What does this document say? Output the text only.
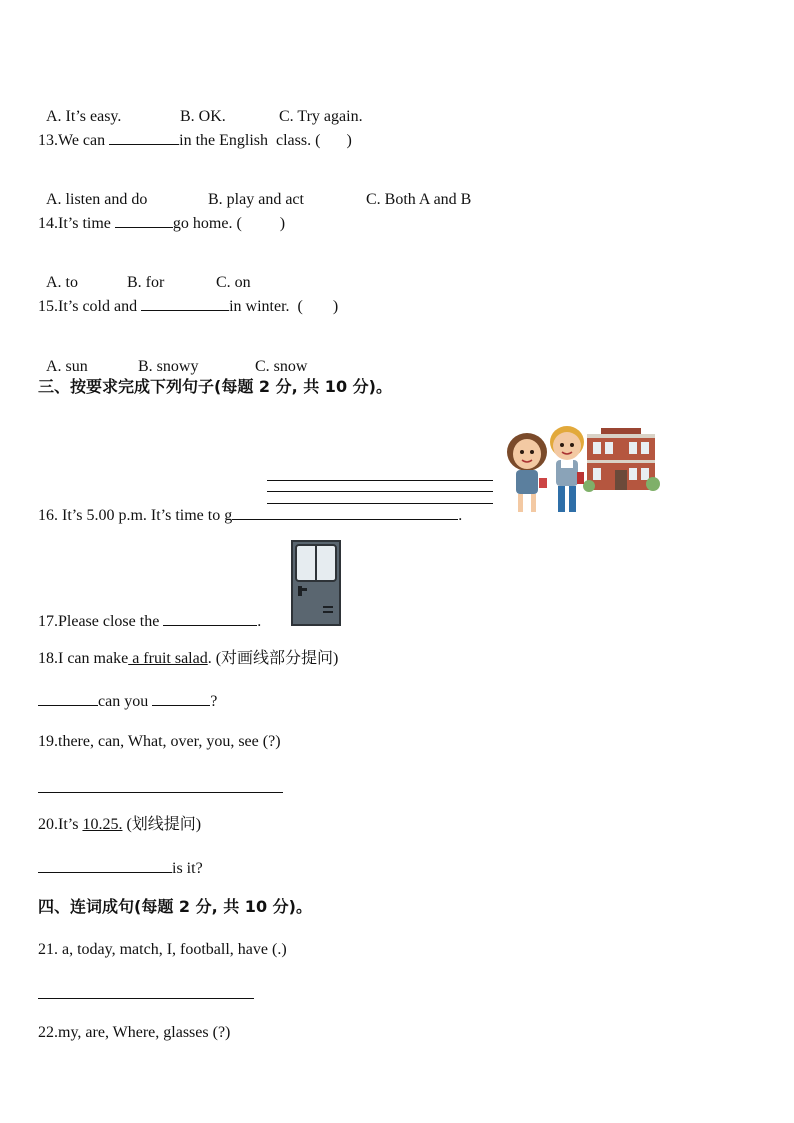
A. It’s easy.	B. OK.	C. Try again.

13.We can	in the English  class. ( )

A. listen and do	B. play and act	C. Both A and B

14.It’s time	go home. ( )

A. to	B. for	C. on

15.It’s cold and	in winter.  ( )

A. sun	B. snowy	C. snow

三、按要求完成下列句子(每题 2 分, 共 10 分)。
16. It’s 5.00 p.m. It’s time to g	.
17.Please close the	.
18.I can make a fruit salad. (对画线部分提问)
can you	?
19.there, can, What, over, you, see (?)
20.It’s 10.25. (划线提问)
is it?
四、连词成句(每题 2 分, 共 10 分)。
21. a, today, match, I, football, have (.)
22.my, are, Where, glasses (?)
